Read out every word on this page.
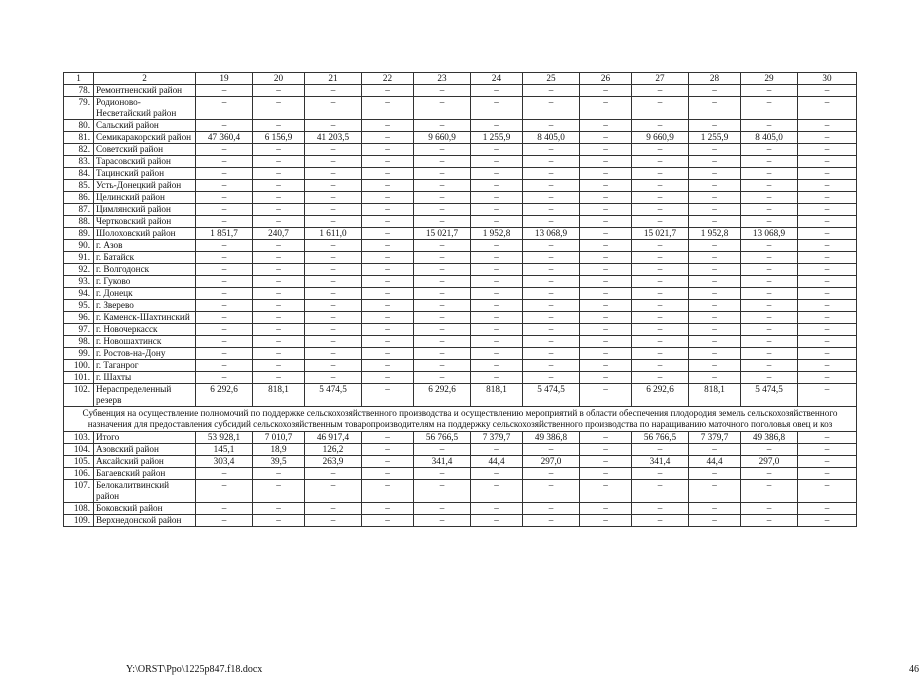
1	2	19	20	21	22	23	24	25	26	27	28	29	30
78.	Ремонтненский район	–	–	–	–	–	–	–	–	–	–	–	–
79.	Родионово-Несветайский район	–	–	–	–	–	–	–	–	–	–	–	–
80.	Сальский район	–	–	–	–	–	–	–	–	–	–	–	–
81.	Семикаракорский район	47 360,4	6 156,9	41 203,5	–	9 660,9	1 255,9	8 405,0	–	9 660,9	1 255,9	8 405,0	–
82.	Советский район	–	–	–	–	–	–	–	–	–	–	–	–
83.	Тарасовский район	–	–	–	–	–	–	–	–	–	–	–	–
84.	Тацинский район	–	–	–	–	–	–	–	–	–	–	–	–
85.	Усть-Донецкий район	–	–	–	–	–	–	–	–	–	–	–	–
86.	Целинский район	–	–	–	–	–	–	–	–	–	–	–	–
87.	Цимлянский район	–	–	–	–	–	–	–	–	–	–	–	–
88.	Чертковский район	–	–	–	–	–	–	–	–	–	–	–	–
89.	Шолоховский район	1 851,7	240,7	1 611,0	–	15 021,7	1 952,8	13 068,9	–	15 021,7	1 952,8	13 068,9	–
90.	г. Азов	–	–	–	–	–	–	–	–	–	–	–	–
91.	г. Батайск	–	–	–	–	–	–	–	–	–	–	–	–
92.	г. Волгодонск	–	–	–	–	–	–	–	–	–	–	–	–
93.	г. Гуково	–	–	–	–	–	–	–	–	–	–	–	–
94.	г. Донецк	–	–	–	–	–	–	–	–	–	–	–	–
95.	г. Зверево	–	–	–	–	–	–	–	–	–	–	–	–
96.	г. Каменск-Шахтинский	–	–	–	–	–	–	–	–	–	–	–	–
97.	г. Новочеркасск	–	–	–	–	–	–	–	–	–	–	–	–
98.	г. Новошахтинск	–	–	–	–	–	–	–	–	–	–	–	–
99.	г. Ростов-на-Дону	–	–	–	–	–	–	–	–	–	–	–	–
100.	г. Таганрог	–	–	–	–	–	–	–	–	–	–	–	–
101.	г. Шахты	–	–	–	–	–	–	–	–	–	–	–	–
102.	Нераспределенный резерв	6 292,6	818,1	5 474,5	–	6 292,6	818,1	5 474,5	–	6 292,6	818,1	5 474,5	–
Субвенция на осуществление полномочий по поддержке сельскохозяйственного производства и осуществлению мероприятий в области обеспечения плодородия земель сельскохозяйственного назначения для предоставления субсидий сельскохозяйственным товаропроизводителям на поддержку сельскохозяйственного производства по наращиванию маточного поголовья овец и коз													
103.	Итого	53 928,1	7 010,7	46 917,4	–	56 766,5	7 379,7	49 386,8	–	56 766,5	7 379,7	49 386,8	–
104.	Азовский район	145,1	18,9	126,2	–	–	–	–	–	–	–	–	–
105.	Аксайский район	303,4	39,5	263,9	–	341,4	44,4	297,0	–	341,4	44,4	297,0	–
106.	Багаевский район	–	–	–	–	–	–	–	–	–	–	–	–
107.	Белокалитвинский район	–	–	–	–	–	–	–	–	–	–	–	–
108.	Боковский район	–	–	–	–	–	–	–	–	–	–	–	–
109.	Верхнедонской район	–	–	–	–	–	–	–	–	–	–	–	–
Y:\ORST\Ppo\1225p847.f18.docx	46
